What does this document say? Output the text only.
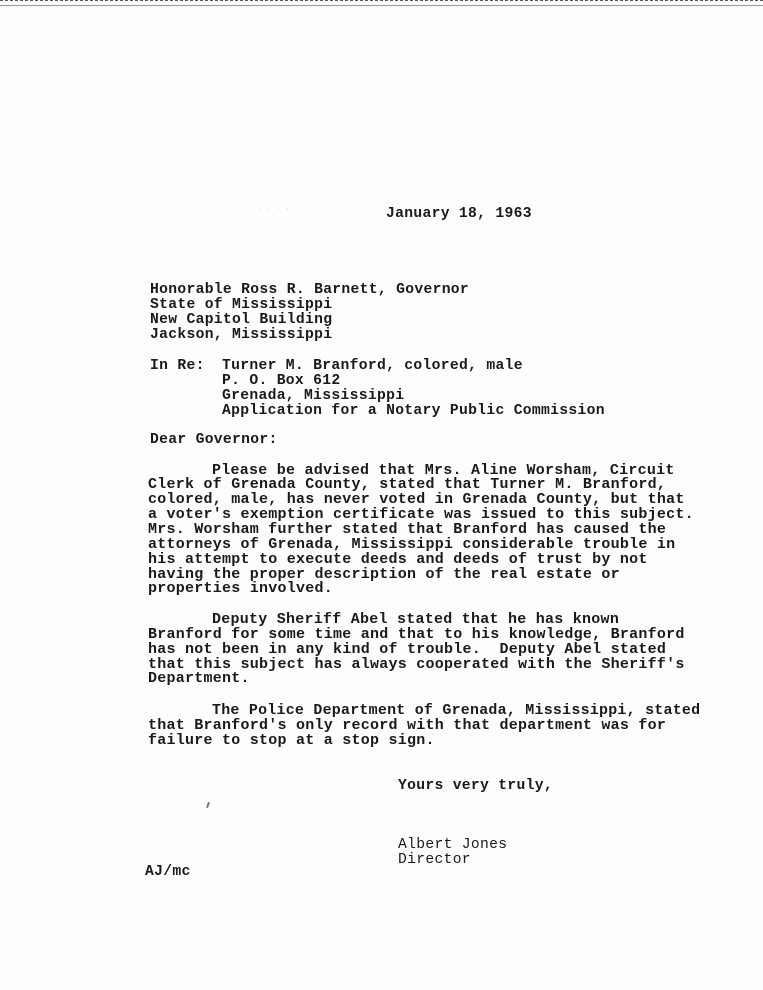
· · · ·	January 18, 1963
Honorable Ross R. Barnett, Governor
State of Mississippi
New Capitol Building
Jackson, Mississippi
In Re: Turner M. Branford, colored, male
P. O. Box 612
Grenada, Mississippi
Application for a Notary Public Commission
Dear Governor:
Please be advised that Mrs. Aline Worsham, Circuit
Clerk of Grenada County, stated that Turner M. Branford,
colored, male, has never voted in Grenada County, but that
a voter's exemption certificate was issued to this subject.
Mrs. Worsham further stated that Branford has caused the
attorneys of Grenada, Mississippi considerable trouble in
his attempt to execute deeds and deeds of trust by not
having the proper description of the real estate or
properties involved.
Deputy Sheriff Abel stated that he has known
Branford for some time and that to his knowledge, Branford
has not been in any kind of trouble.  Deputy Abel stated
that this subject has always cooperated with the Sheriff's
Department.
The Police Department of Grenada, Mississippi, stated
that Branford's only record with that department was for
failure to stop at a stop sign.
Yours very truly,
Albert Jones
Director
AJ/mc
